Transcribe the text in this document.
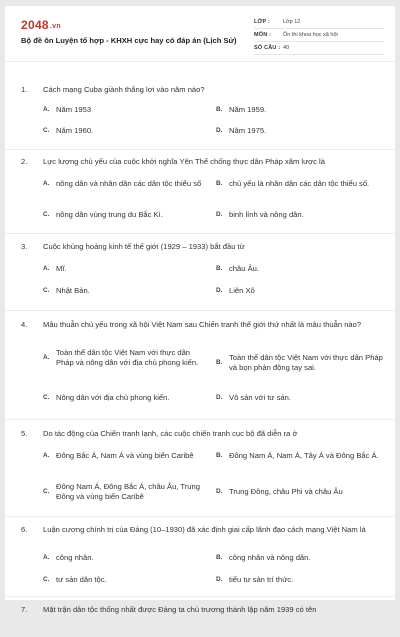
2048.vn
Bộ đề ôn Luyện tổ hợp - KHXH cực hay có đáp án (Lịch Sử)
LỚP :	Lớp 12
MÔN :	Ôn thi khoa học xã hội
SỐ CÂU : 40
1.	Cách mạng Cuba giành thắng lợi vào năm nào?
A. Năm 1953	B. Năm 1959.
C. Năm 1960.	D. Năm 1975.
2.	Lực lượng chủ yếu của cuộc khởi nghĩa Yên Thế chống thực dân Pháp xâm lược là
A. nông dân và nhân dân các dân tộc thiểu số B. chủ yếu là nhân dân các dân tộc thiểu số.
C. nông dân vùng trung du Bắc Kì.	D. binh lính và nông dân.
3.	Cuộc khủng hoảng kinh tế thế giới (1929 – 1933) bắt đầu từ
A. Mĩ.	B. châu Âu.
C. Nhật Bản.	D. Liên Xô
4.	Mâu thuẫn chủ yếu trong xã hội Việt Nam sau Chiến tranh thế giới thứ nhất là mâu thuẫn nào?
A.
Toàn thể dân tộc Việt Nam với thực dân Pháp và nông dân với địa chủ phong kiến.	B.
Toàn thể dân tộc Việt Nam với thực dân Pháp và bọn phản động tay sai.
C. Nông dân với địa chủ phong kiến.	D. Vô sản với tư sản.
5.	Do tác động của Chiến tranh lạnh, các cuộc chiến tranh cục bộ đã diễn ra ở
A. Đông Bắc Á, Nam Á và vùng biển Caribê	B. Đông Nam Á, Nam Á, Tây Á và Đông Bắc Á.
C.
Đông Nam Á, Đông Bắc Á, châu Âu, Trung Đông và vùng biển Caribê
D. Trung Đông, châu Phi và châu Âu
6.	Luận cương chính trị của Đảng (10–1930) đã xác định giai cấp lãnh đạo cách mạng Việt Nam là
A. công nhân.	B. công nhân và nông dân.
C. tư sản dân tộc.	D. tiểu tư sản trí thức.
7.	Mặt trận dân tộc thống nhất được Đảng ta chủ trương thành lập năm 1939 có tên
